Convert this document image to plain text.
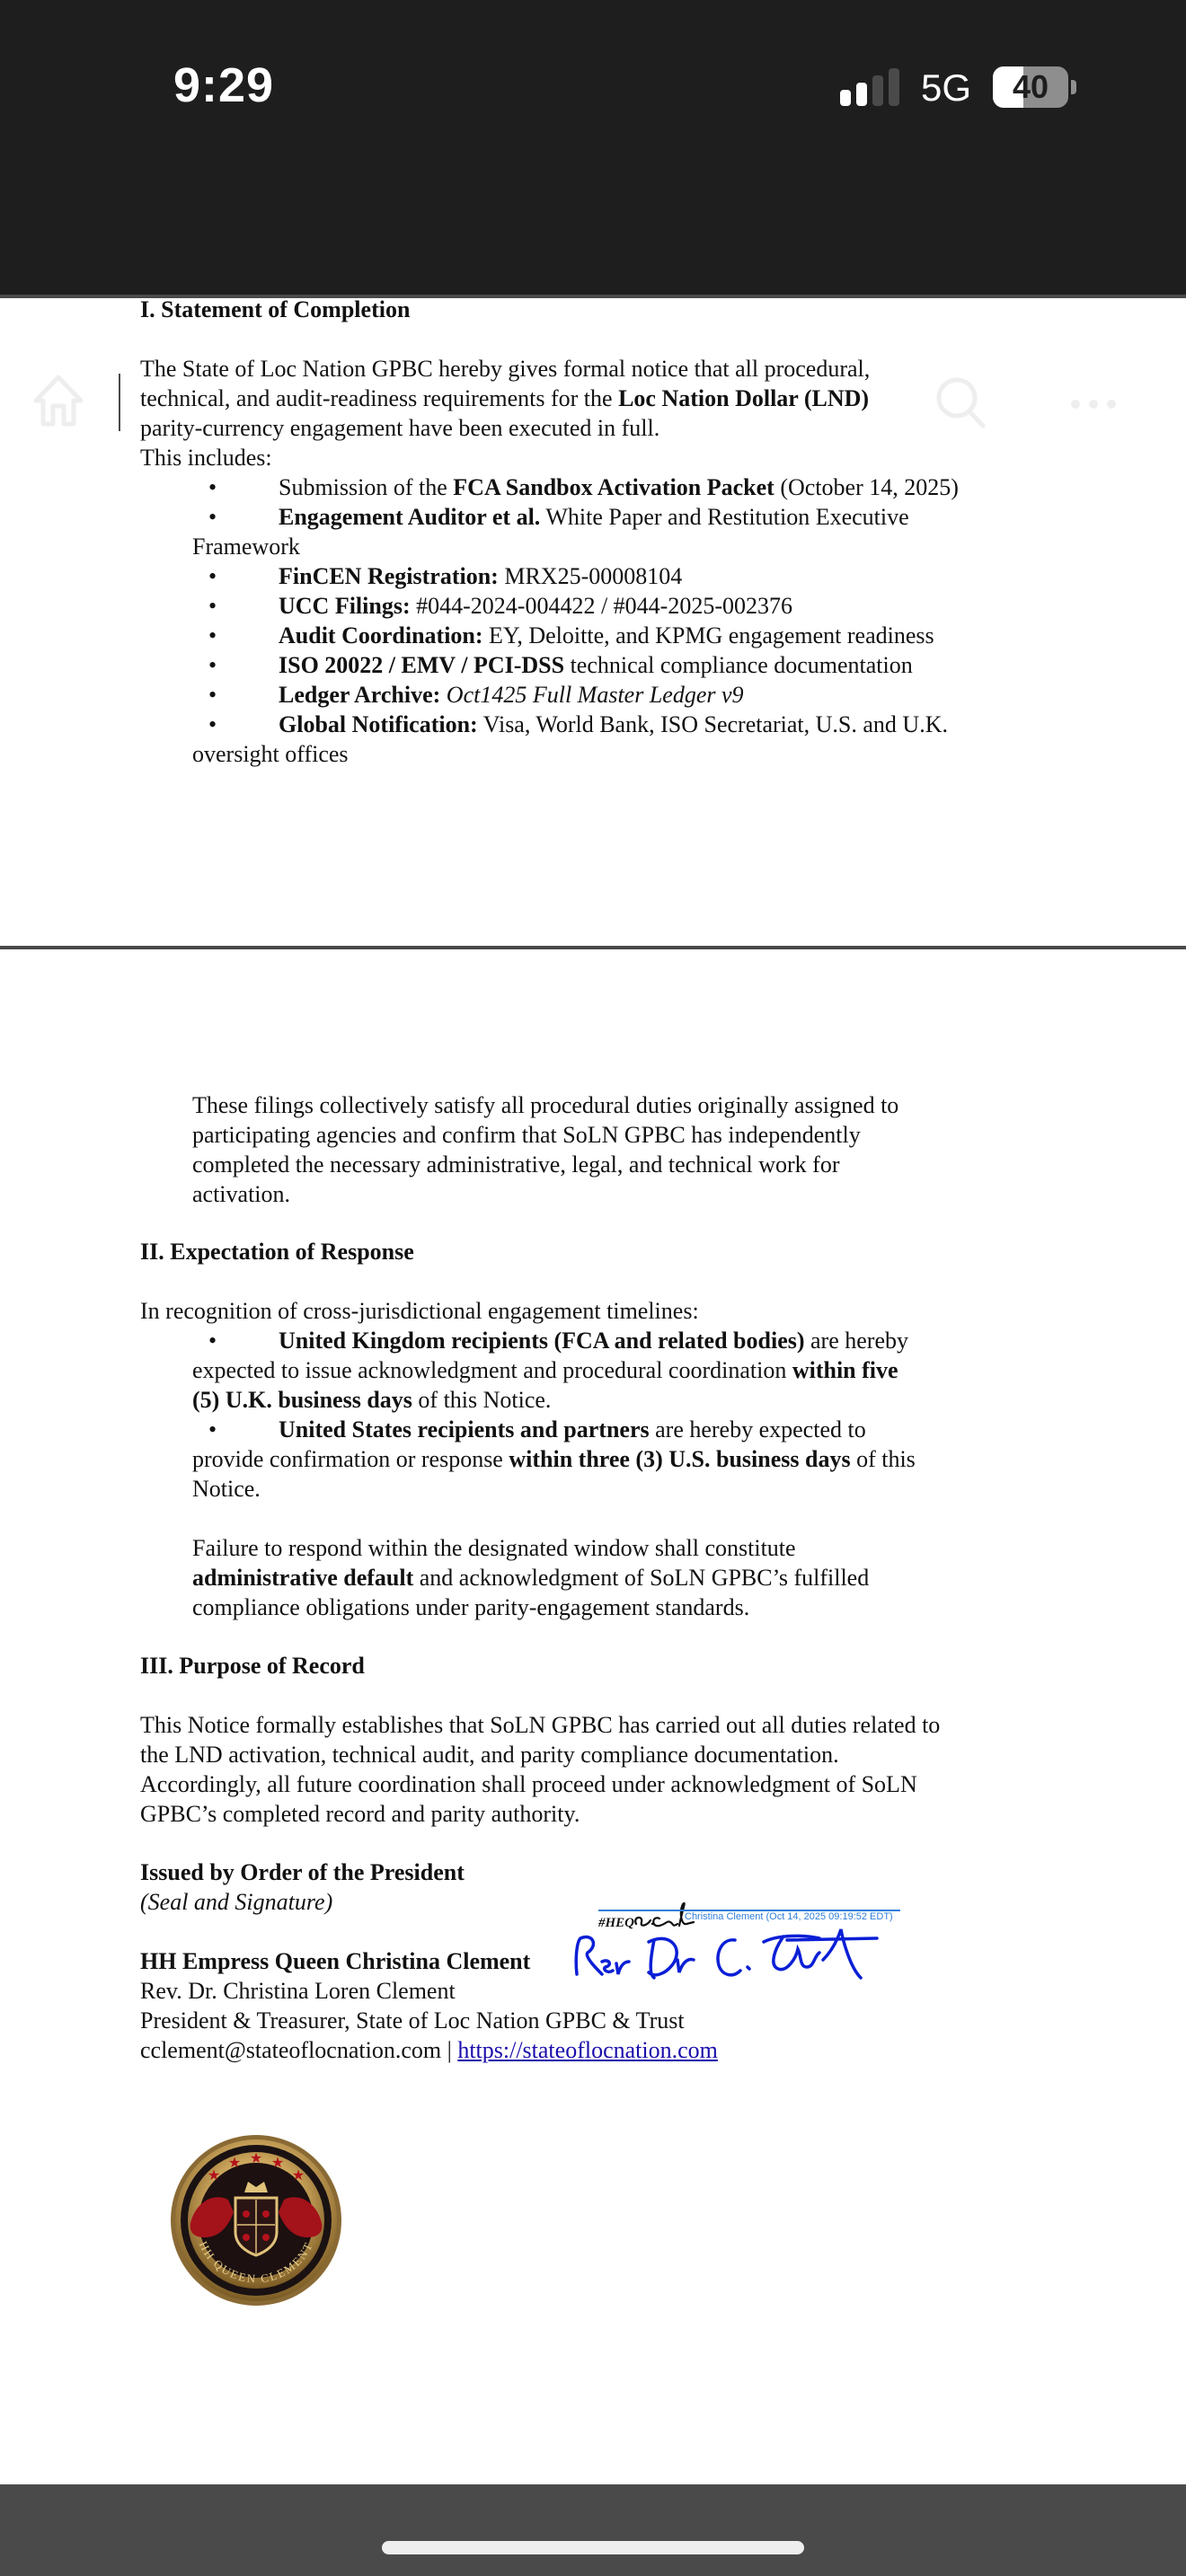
9:29	5G	40
I. Statement of Completion
The State of Loc Nation GPBC hereby gives formal notice that all procedural,
technical, and audit-readiness requirements for the Loc Nation Dollar (LND)
parity-currency engagement have been executed in full.
This includes:
•	Submission of the FCA Sandbox Activation Packet (October 14, 2025)
•	Engagement Auditor et al. White Paper and Restitution Executive
Framework
•	FinCEN Registration: MRX25-00008104
•	UCC Filings: #044-2024-004422 / #044-2025-002376
•	Audit Coordination: EY, Deloitte, and KPMG engagement readiness
•	ISO 20022 / EMV / PCI-DSS technical compliance documentation
•	Ledger Archive: Oct1425 Full Master Ledger v9
•	Global Notification: Visa, World Bank, ISO Secretariat, U.S. and U.K.
oversight offices
These filings collectively satisfy all procedural duties originally assigned to
participating agencies and confirm that SoLN GPBC has independently
completed the necessary administrative, legal, and technical work for
activation.
II. Expectation of Response
In recognition of cross-jurisdictional engagement timelines:
•	United Kingdom recipients (FCA and related bodies) are hereby
expected to issue acknowledgment and procedural coordination within five
(5) U.K. business days of this Notice.
•	United States recipients and partners are hereby expected to
provide confirmation or response within three (3) U.S. business days of this
Notice.
Failure to respond within the designated window shall constitute
administrative default and acknowledgment of SoLN GPBC’s fulfilled
compliance obligations under parity-engagement standards.
III. Purpose of Record
This Notice formally establishes that SoLN GPBC has carried out all duties related to
the LND activation, technical audit, and parity compliance documentation.
Accordingly, all future coordination shall proceed under acknowledgment of SoLN
GPBC’s completed record and parity authority.
Issued by Order of the President
(Seal and Signature)
#HEQ	Christina Clement (Oct 14, 2025 09:19:52 EDT)
HH Empress Queen Christina Clement
Rev. Dr. Christina Loren Clement
President & Treasurer, State of Loc Nation GPBC & Trust
cclement@stateoflocnation.com | https://stateoflocnation.com
★
★ ★ ★
★
HH QUEEN CLEMENT
